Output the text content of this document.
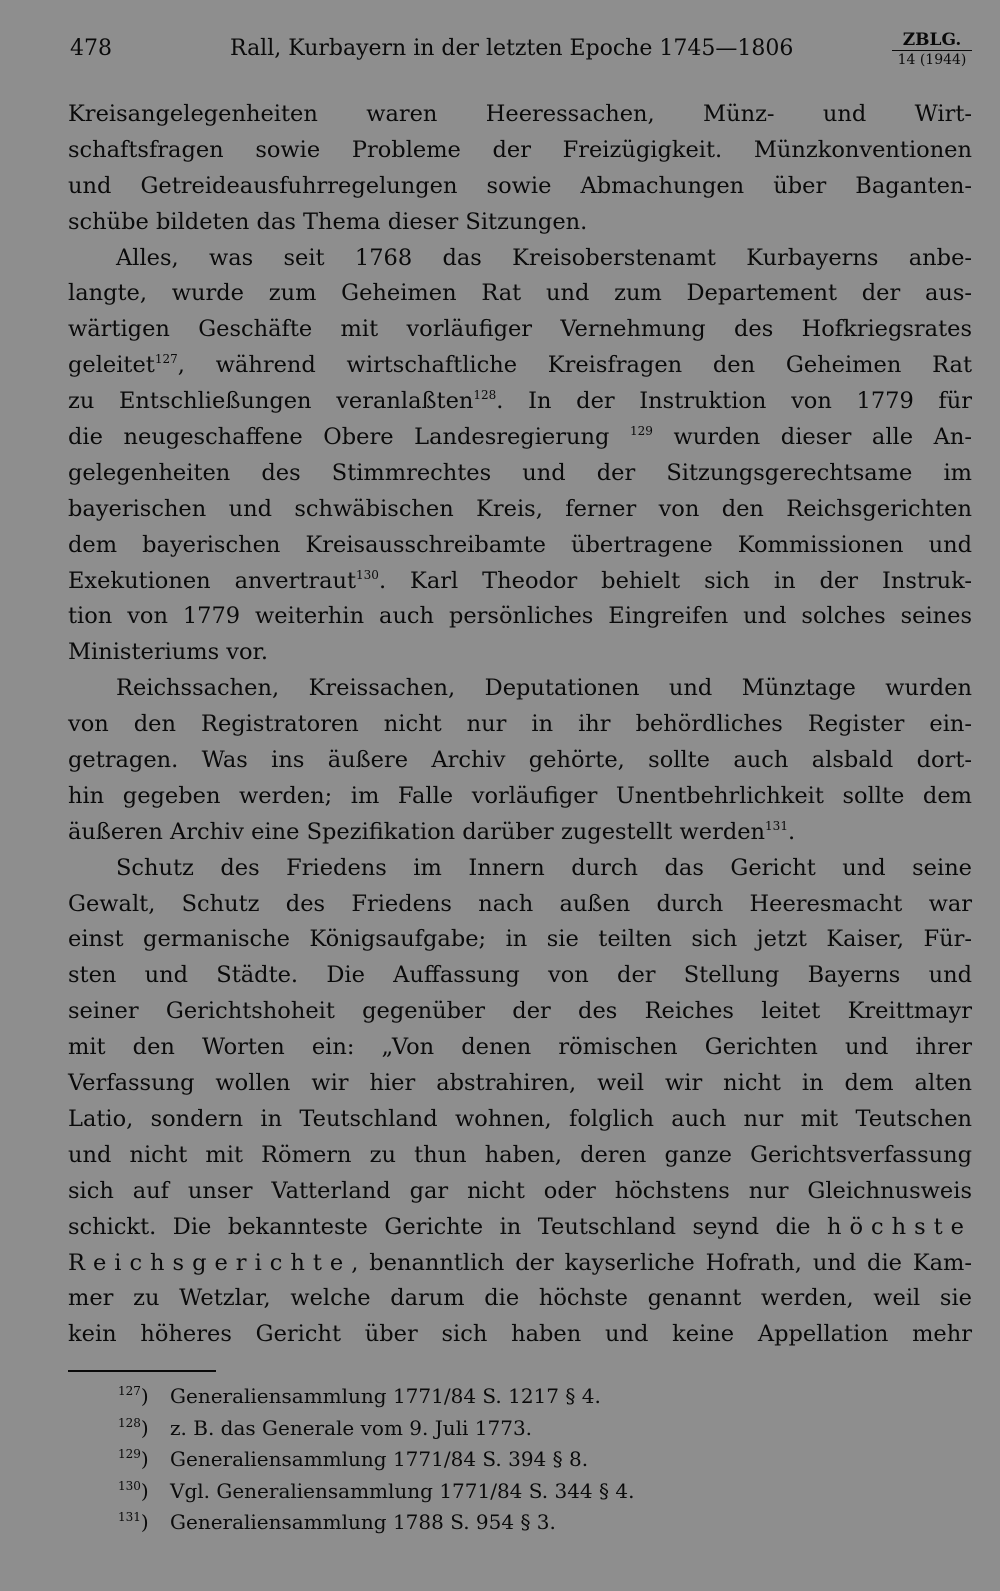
478	Rall, Kurbayern in der letzten Epoche 1745—1806	ZBLG.
14 (1944)
Kreisangelegenheiten waren Heeressachen, Münz- und Wirt-
schaftsfragen sowie Probleme der Freizügigkeit. Münzkonventionen
und Getreideausfuhrregelungen sowie Abmachungen über Baganten-
schübe bildeten das Thema dieser Sitzungen.
Alles, was seit 1768 das Kreisoberstenamt Kurbayerns anbe-
langte, wurde zum Geheimen Rat und zum Departement der aus-
wärtigen Geschäfte mit vorläufiger Vernehmung des Hofkriegsrates
geleitet$^{127}$, während wirtschaftliche Kreisfragen den Geheimen Rat
zu Entschließungen veranlaßten$^{128}$. In der Instruktion von 1779 für
die neugeschaffene Obere Landesregierung $^{129}$ wurden dieser alle An-
gelegenheiten des Stimmrechtes und der Sitzungsgerechtsame im
bayerischen und schwäbischen Kreis, ferner von den Reichsgerichten
dem bayerischen Kreisausschreibamte übertragene Kommissionen und
Exekutionen anvertraut$^{130}$. Karl Theodor behielt sich in der Instruk-
tion von 1779 weiterhin auch persönliches Eingreifen und solches seines
Ministeriums vor.
Reichssachen, Kreissachen, Deputationen und Münztage wurden
von den Registratoren nicht nur in ihr behördliches Register ein-
getragen. Was ins äußere Archiv gehörte, sollte auch alsbald dort-
hin gegeben werden; im Falle vorläufiger Unentbehrlichkeit sollte dem
äußeren Archiv eine Spezifikation darüber zugestellt werden$^{131}$.
Schutz des Friedens im Innern durch das Gericht und seine
Gewalt, Schutz des Friedens nach außen durch Heeresmacht war
einst germanische Königsaufgabe; in sie teilten sich jetzt Kaiser, Für-
sten und Städte. Die Auffassung von der Stellung Bayerns und
seiner Gerichtshoheit gegenüber der des Reiches leitet Kreittmayr
mit den Worten ein: „Von denen römischen Gerichten und ihrer
Verfassung wollen wir hier abstrahiren, weil wir nicht in dem alten
Latio, sondern in Teutschland wohnen, folglich auch nur mit Teutschen
und nicht mit Römern zu thun haben, deren ganze Gerichtsverfassung
sich auf unser Vatterland gar nicht oder höchstens nur Gleichnusweis
schickt. Die bekannteste Gerichte in Teutschland seynd die höchste
Reichsgerichte, benanntlich der kayserliche Hofrath, und die Kam-
mer zu Wetzlar, welche darum die höchste genannt werden, weil sie
kein höheres Gericht über sich haben und keine Appellation mehr
$^{127}$) Generaliensammlung 1771/84 S. 1217 § 4.
$^{128}$) z. B. das Generale vom 9. Juli 1773.
$^{129}$) Generaliensammlung 1771/84 S. 394 § 8.
$^{130}$) Vgl. Generaliensammlung 1771/84 S. 344 § 4.
$^{131}$) Generaliensammlung 1788 S. 954 § 3.
